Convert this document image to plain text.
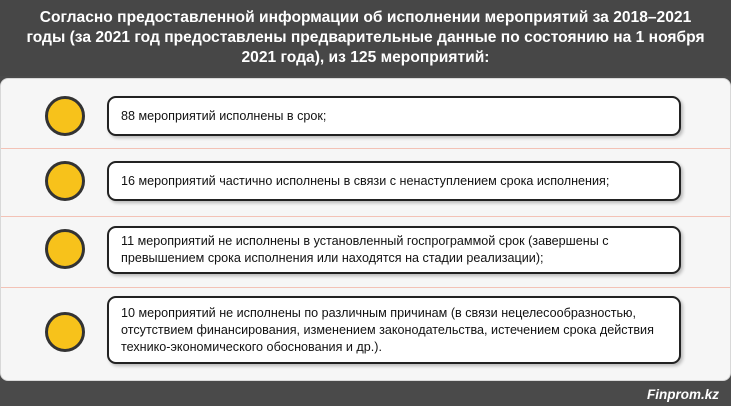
Согласно предоставленной информации об исполнении мероприятий за 2018–2021
годы (за 2021 год предоставлены предварительные данные по состоянию на 1 ноября
2021 года), из 125 мероприятий:
88 мероприятий исполнены в срок;
16 мероприятий частично исполнены в связи с ненаступлением срока исполнения;
11 мероприятий не исполнены в установленный госпрограммой срок (завершены с превышением срока исполнения или находятся на стадии реализации);
10 мероприятий не исполнены по различным причинам (в связи нецелесообразностью, отсутствием финансирования, изменением законодательства, истечением срока действия технико-экономического обоснования и др.).
Finprom.kz
